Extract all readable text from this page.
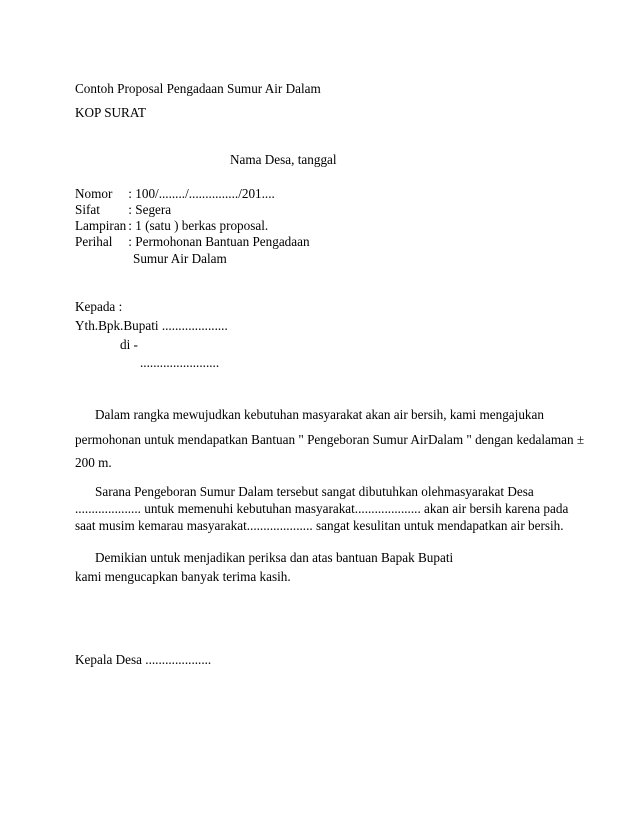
Contoh Proposal Pengadaan Sumur Air Dalam
KOP SURAT
Nama Desa, tanggal
Nomor : 100/......../.............../201....
Sifat : Segera
Lampiran : 1 (satu ) berkas proposal.
Perihal : Permohonan Bantuan Pengadaan
Sumur Air Dalam
Kepada :
Yth.Bpk.Bupati ....................
di -
........................
Dalam rangka mewujudkan kebutuhan masyarakat akan air bersih, kami mengajukan
permohonan untuk mendapatkan Bantuan " Pengeboran Sumur AirDalam " dengan kedalaman ±
200 m.
Sarana Pengeboran Sumur Dalam tersebut sangat dibutuhkan olehmasyarakat Desa
.................... untuk memenuhi kebutuhan masyarakat.................... akan air bersih karena pada
saat musim kemarau masyarakat.................... sangat kesulitan untuk mendapatkan air bersih.
Demikian untuk menjadikan periksa dan atas bantuan Bapak Bupati
kami mengucapkan banyak terima kasih.
Kepala Desa ....................
